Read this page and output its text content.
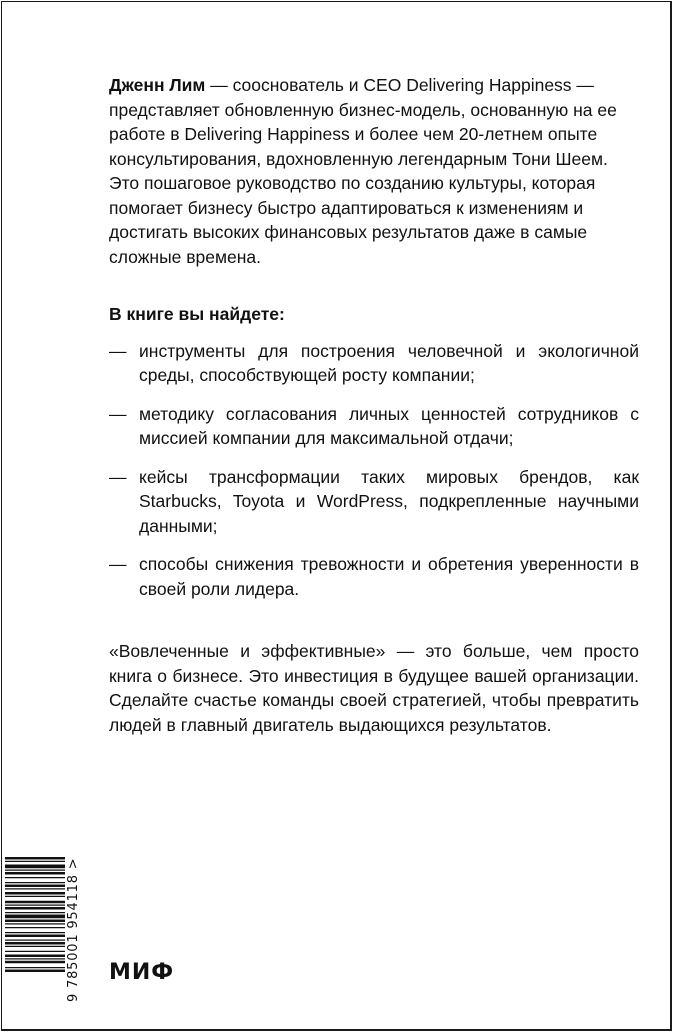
Дженн Лим — сооснователь и CEO Delivering Happiness — представляет обновленную бизнес-модель, основанную на ее работе в Delivering Happiness и более чем 20-летнем опыте консультирования, вдохновленную легендарным Тони Шеем. Это пошаговое руководство по созданию культуры, которая помогает бизнесу быстро адаптироваться к изменениям и достигать высоких финансовых результатов даже в самые сложные времена.

В книге вы найдете:

— инструменты для построения человечной и экологичной среды, способствующей росту компании;
— методику согласования личных ценностей сотрудников с миссией компании для максимальной отдачи;
— кейсы трансформации таких мировых брендов, как Starbucks, Toyota и WordPress, подкрепленные научными данными;
— способы снижения тревожности и обретения уверенности в своей роли лидера.

«Вовлеченные и эффективные» — это больше, чем просто книга о бизнесе. Это инвестиция в будущее вашей организации. Сделайте счастье команды своей стратегией, чтобы превратить людей в главный двигатель выдающихся результатов.

9 785001 954118 > МИФ
